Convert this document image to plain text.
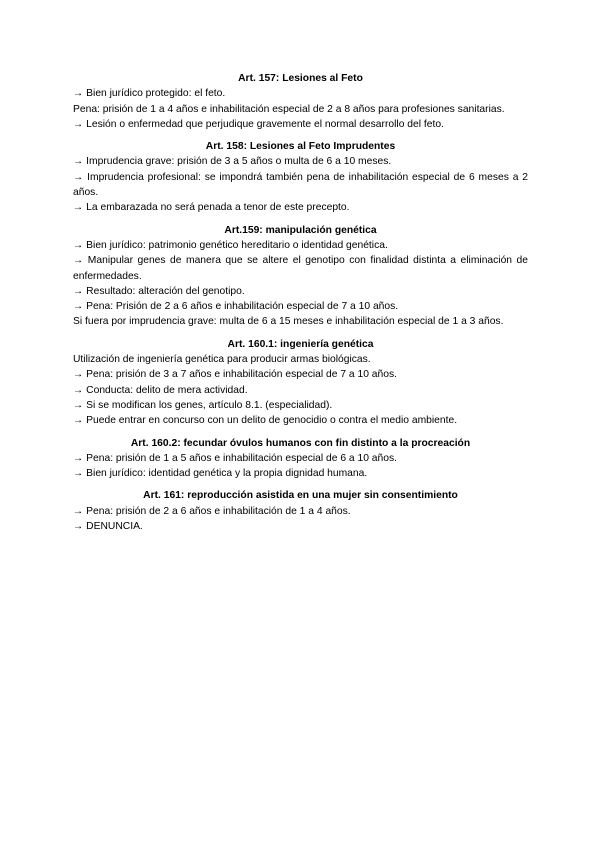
Art. 157: Lesiones al Feto

→ Bien jurídico protegido: el feto.

Pena: prisión de 1 a 4 años e inhabilitación especial de 2 a 8 años para profesiones sanitarias.

→ Lesión o enfermedad que perjudique gravemente el normal desarrollo del feto.

Art. 158: Lesiones al Feto Imprudentes

→ Imprudencia grave: prisión de 3 a 5 años o multa de 6 a 10 meses.

→ Imprudencia profesional: se impondrá también pena de inhabilitación especial de 6 meses a 2 años.

→ La embarazada no será penada a tenor de este precepto.

Art.159: manipulación genética

→ Bien jurídico: patrimonio genético hereditario o identidad genética.

→ Manipular genes de manera que se altere el genotipo con finalidad distinta a eliminación de enfermedades.

→ Resultado: alteración del genotipo.

→ Pena: Prisión de 2 a 6 años e inhabilitación especial de 7 a 10 años.

Si fuera por imprudencia grave: multa de 6 a 15 meses e inhabilitación especial de 1 a 3 años.

Art. 160.1: ingeniería genética

Utilización de ingeniería genética para producir armas biológicas.

→ Pena: prisión de 3 a 7 años e inhabilitación especial de 7 a 10 años.

→ Conducta: delito de mera actividad.

→ Si se modifican los genes, artículo 8.1. (especialidad).

→ Puede entrar en concurso con un delito de genocidio o contra el medio ambiente.

Art. 160.2: fecundar óvulos humanos con fin distinto a la procreación

→ Pena: prisión de 1 a 5 años e inhabilitación especial de 6 a 10 años.

→ Bien jurídico: identidad genética y la propia dignidad humana.

Art. 161: reproducción asistida en una mujer sin consentimiento

→ Pena: prisión de 2 a 6 años e inhabilitación de 1 a 4 años.

→ DENUNCIA.
